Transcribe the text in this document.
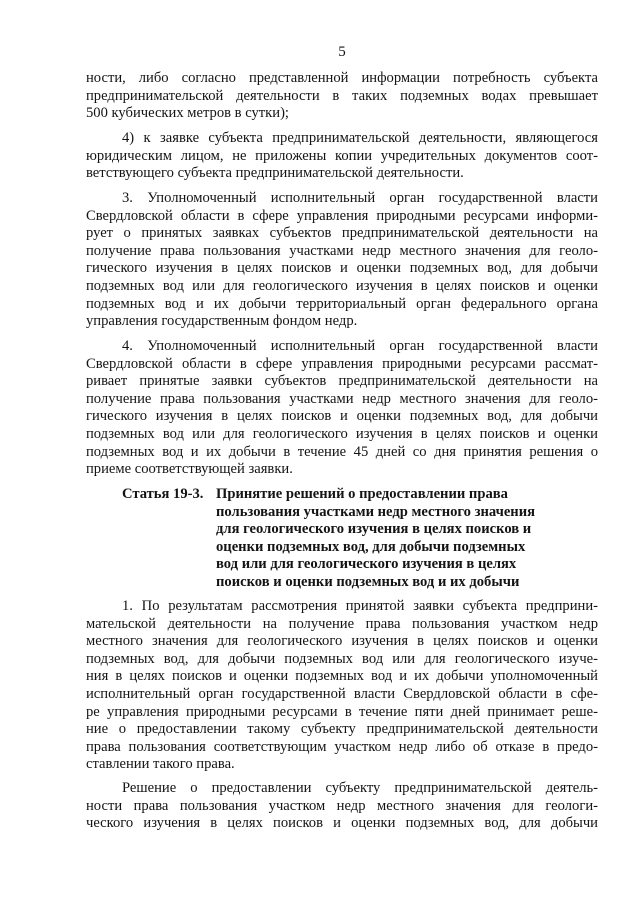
5
ности, либо согласно представленной информации потребность субъекта
предпринимательской деятельности в таких подземных водах превышает
500 кубических метров в сутки);
4) к заявке субъекта предпринимательской деятельности, являющегося
юридическим лицом, не приложены копии учредительных документов соот-
ветствующего субъекта предпринимательской деятельности.
3. Уполномоченный исполнительный орган государственной власти
Свердловской области в сфере управления природными ресурсами информи-
рует о принятых заявках субъектов предпринимательской деятельности на
получение права пользования участками недр местного значения для геоло-
гического изучения в целях поисков и оценки подземных вод, для добычи
подземных вод или для геологического изучения в целях поисков и оценки
подземных вод и их добычи территориальный орган федерального органа
управления государственным фондом недр.
4. Уполномоченный исполнительный орган государственной власти
Свердловской области в сфере управления природными ресурсами рассмат-
ривает принятые заявки субъектов предпринимательской деятельности на
получение права пользования участками недр местного значения для геоло-
гического изучения в целях поисков и оценки подземных вод, для добычи
подземных вод или для геологического изучения в целях поисков и оценки
подземных вод и их добычи в течение 45 дней со дня принятия решения о
приеме соответствующей заявки.
Статья 19-3. Принятие решений о предоставлении права
пользования участками недр местного значения
для геологического изучения в целях поисков и
оценки подземных вод, для добычи подземных
вод или для геологического изучения в целях
поисков и оценки подземных вод и их добычи
1. По результатам рассмотрения принятой заявки субъекта предприни-
мательской деятельности на получение права пользования участком недр
местного значения для геологического изучения в целях поисков и оценки
подземных вод, для добычи подземных вод или для геологического изуче-
ния в целях поисков и оценки подземных вод и их добычи уполномоченный
исполнительный орган государственной власти Свердловской области в сфе-
ре управления природными ресурсами в течение пяти дней принимает реше-
ние о предоставлении такому субъекту предпринимательской деятельности
права пользования соответствующим участком недр либо об отказе в предо-
ставлении такого права.
Решение о предоставлении субъекту предпринимательской деятель-
ности права пользования участком недр местного значения для геологи-
ческого изучения в целях поисков и оценки подземных вод, для добычи
